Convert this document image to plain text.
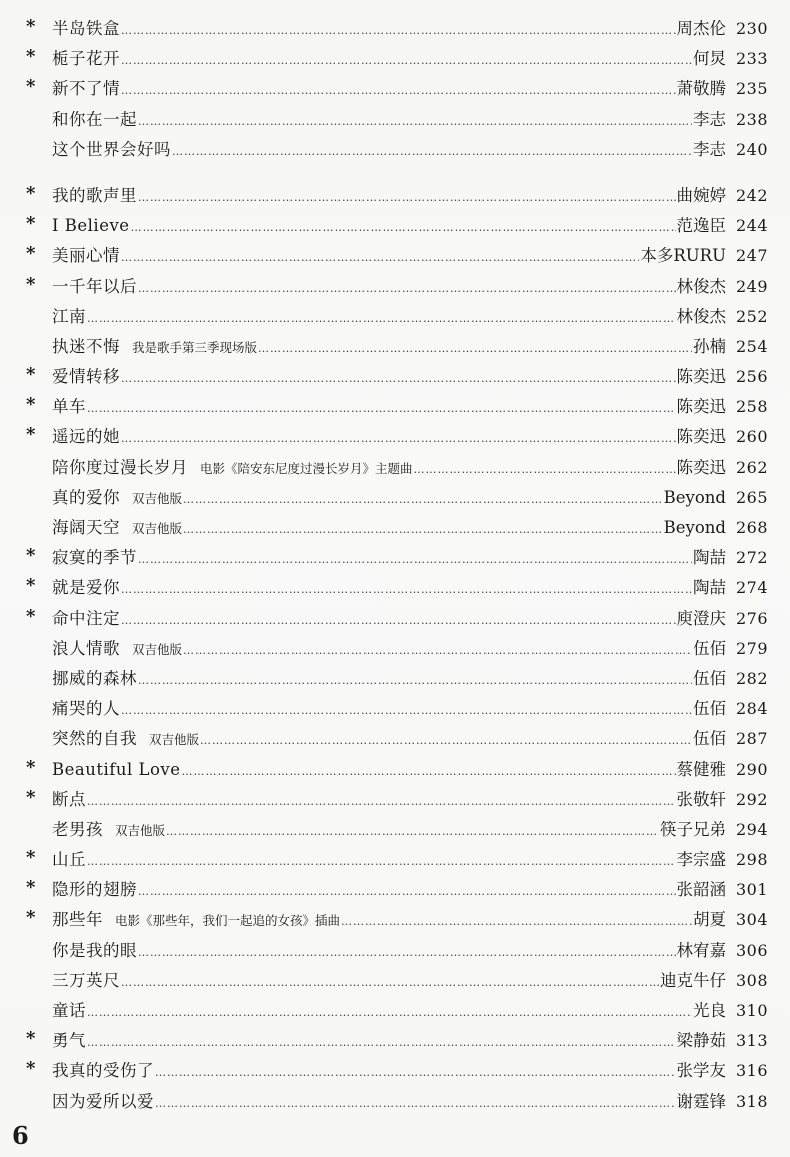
* 半岛铁盒 ……………………………………………………………………………………………………………………………………………………………………………………………………………………………………	周杰伦 230
* 栀子花开 ……………………………………………………………………………………………………………………………………………………………………………………………………………………………………	何炅 233
* 新不了情 ……………………………………………………………………………………………………………………………………………………………………………………………………………………………………	萧敬腾 235
和你在一起 ……………………………………………………………………………………………………………………………………………………………………………………………………………………………………	李志 238
这个世界会好吗 ……………………………………………………………………………………………………………………………………………………………………………………………………………………………………	李志 240
* 我的歌声里 ……………………………………………………………………………………………………………………………………………………………………………………………………………………………………	曲婉婷 242
* I Believe ……………………………………………………………………………………………………………………………………………………………………………………………………………………………………	范逸臣 244
* 美丽心情 ……………………………………………………………………………………………………………………………………………………………………………………………………………………………………	本多RURU 247
* 一千年以后 ……………………………………………………………………………………………………………………………………………………………………………………………………………………………………	林俊杰 249
江南 ……………………………………………………………………………………………………………………………………………………………………………………………………………………………………	林俊杰 252
执迷不悔 我是歌手第三季现场版 ……………………………………………………………………………………………………………………………………………………………………………………………………………………………………	孙楠 254
* 爱情转移 ……………………………………………………………………………………………………………………………………………………………………………………………………………………………………	陈奕迅 256
* 单车 ……………………………………………………………………………………………………………………………………………………………………………………………………………………………………	陈奕迅 258
* 遥远的她 ……………………………………………………………………………………………………………………………………………………………………………………………………………………………………	陈奕迅 260
陪你度过漫长岁月 电影《陪安东尼度过漫长岁月》主题曲 ……………………………………………………………………………………………………………………………………………………………………………………………………………………………………	陈奕迅 262
真的爱你 双吉他版 ……………………………………………………………………………………………………………………………………………………………………………………………………………………………………	Beyond 265
海阔天空 双吉他版 ……………………………………………………………………………………………………………………………………………………………………………………………………………………………………	Beyond 268
* 寂寞的季节 ……………………………………………………………………………………………………………………………………………………………………………………………………………………………………	陶喆 272
* 就是爱你 ……………………………………………………………………………………………………………………………………………………………………………………………………………………………………	陶喆 274
* 命中注定 ……………………………………………………………………………………………………………………………………………………………………………………………………………………………………	庾澄庆 276
浪人情歌 双吉他版 ……………………………………………………………………………………………………………………………………………………………………………………………………………………………………	伍佰 279
挪威的森林 ……………………………………………………………………………………………………………………………………………………………………………………………………………………………………	伍佰 282
痛哭的人 ……………………………………………………………………………………………………………………………………………………………………………………………………………………………………	伍佰 284
突然的自我 双吉他版 ……………………………………………………………………………………………………………………………………………………………………………………………………………………………………	伍佰 287
* Beautiful Love ……………………………………………………………………………………………………………………………………………………………………………………………………………………………………	蔡健雅 290
* 断点 ……………………………………………………………………………………………………………………………………………………………………………………………………………………………………	张敬轩 292
老男孩 双吉他版 ……………………………………………………………………………………………………………………………………………………………………………………………………………………………………	筷子兄弟 294
* 山丘 ……………………………………………………………………………………………………………………………………………………………………………………………………………………………………	李宗盛 298
* 隐形的翅膀 ……………………………………………………………………………………………………………………………………………………………………………………………………………………………………	张韶涵 301
* 那些年 电影《那些年，我们一起追的女孩》插曲 ……………………………………………………………………………………………………………………………………………………………………………………………………………………………………	胡夏 304
你是我的眼 ……………………………………………………………………………………………………………………………………………………………………………………………………………………………………	林宥嘉 306
三万英尺 ……………………………………………………………………………………………………………………………………………………………………………………………………………………………………	迪克牛仔 308
童话 ……………………………………………………………………………………………………………………………………………………………………………………………………………………………………	光良 310
* 勇气 ……………………………………………………………………………………………………………………………………………………………………………………………………………………………………	梁静茹 313
* 我真的受伤了 ……………………………………………………………………………………………………………………………………………………………………………………………………………………………………	张学友 316
因为爱所以爱 ……………………………………………………………………………………………………………………………………………………………………………………………………………………………………	谢霆锋 318
6
